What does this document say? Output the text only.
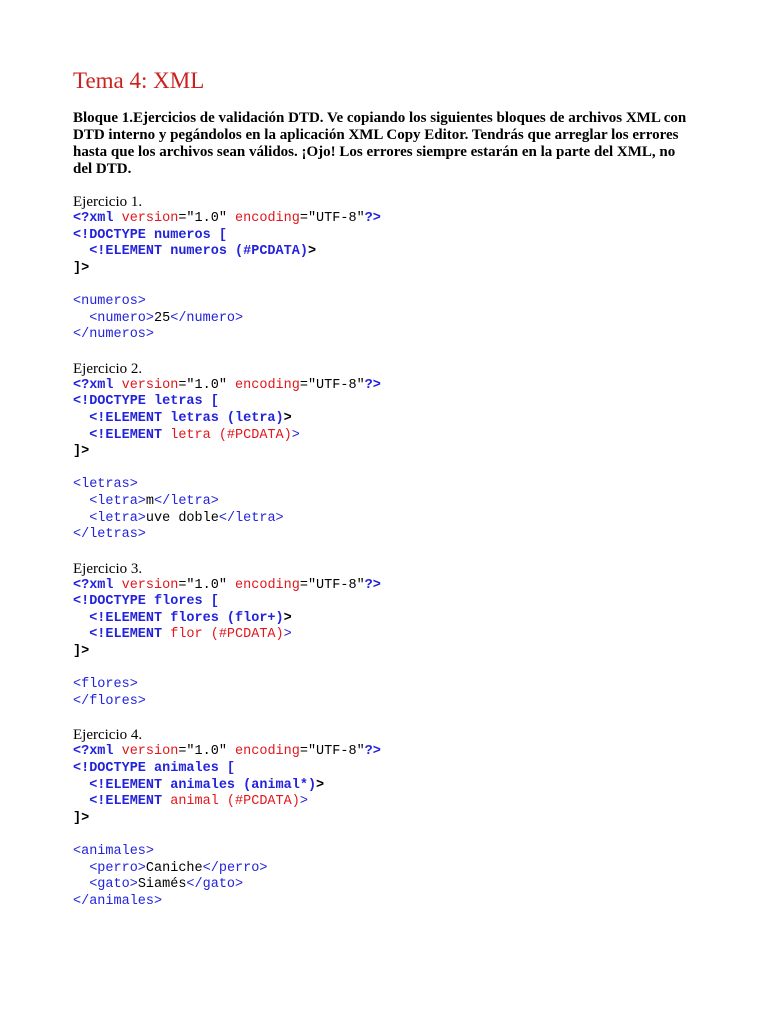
Tema 4: XML

Bloque 1.Ejercicios de validación DTD. Ve copiando los siguientes bloques de archivos XML con DTD interno y pegándolos en la aplicación XML Copy Editor. Tendrás que arreglar los errores hasta que los archivos sean válidos. ¡Ojo! Los errores siempre estarán en la parte del XML, no del DTD.

Ejercicio 1.

<?xml version="1.0" encoding="UTF-8"?>
<!DOCTYPE numeros [
<!ELEMENT numeros (#PCDATA)>
]>
<numeros>
<numero>25</numero>
</numeros>

Ejercicio 2.

<?xml version="1.0" encoding="UTF-8"?>
<!DOCTYPE letras [
<!ELEMENT letras (letra)>
<!ELEMENT letra (#PCDATA)>
]>
<letras>
<letra>m</letra>
<letra>uve doble</letra>
</letras>

Ejercicio 3.

<?xml version="1.0" encoding="UTF-8"?>
<!DOCTYPE flores [
<!ELEMENT flores (flor+)>
<!ELEMENT flor (#PCDATA)>
]>
<flores>
</flores>

Ejercicio 4.

<?xml version="1.0" encoding="UTF-8"?>
<!DOCTYPE animales [
<!ELEMENT animales (animal*)>
<!ELEMENT animal (#PCDATA)>
]>
<animales>
<perro>Caniche</perro>
<gato>Siamés</gato>
</animales>
